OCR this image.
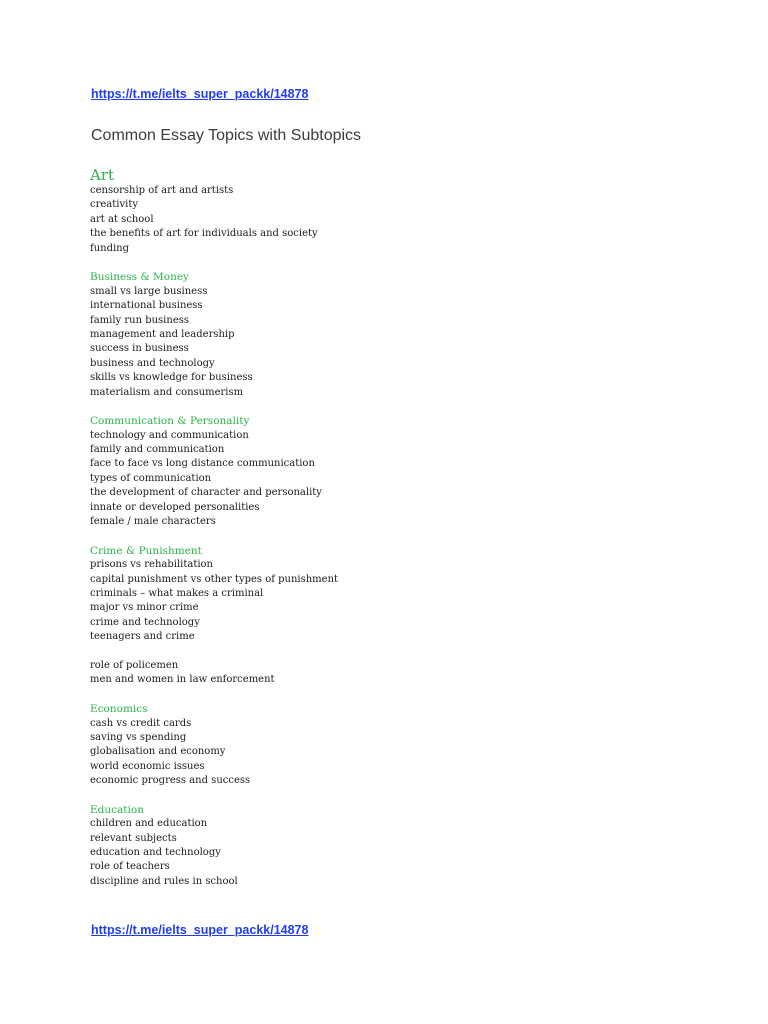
https://t.me/ielts_super_packk/14878
Common Essay Topics with Subtopics
Art
censorship of art and artists
creativity
art at school
the benefits of art for individuals and society
funding
Business & Money
small vs large business
international business
family run business
management and leadership
success in business
business and technology
skills vs knowledge for business
materialism and consumerism
Communication & Personality
technology and communication
family and communication
face to face vs long distance communication
types of communication
the development of character and personality
innate or developed personalities
female / male characters
Crime & Punishment
prisons vs rehabilitation
capital punishment vs other types of punishment
criminals – what makes a criminal
major vs minor crime
crime and technology
teenagers and crime
role of policemen
men and women in law enforcement
Economics
cash vs credit cards
saving vs spending
globalisation and economy
world economic issues
economic progress and success
Education
children and education
relevant subjects
education and technology
role of teachers
discipline and rules in school
https://t.me/ielts_super_packk/14878
